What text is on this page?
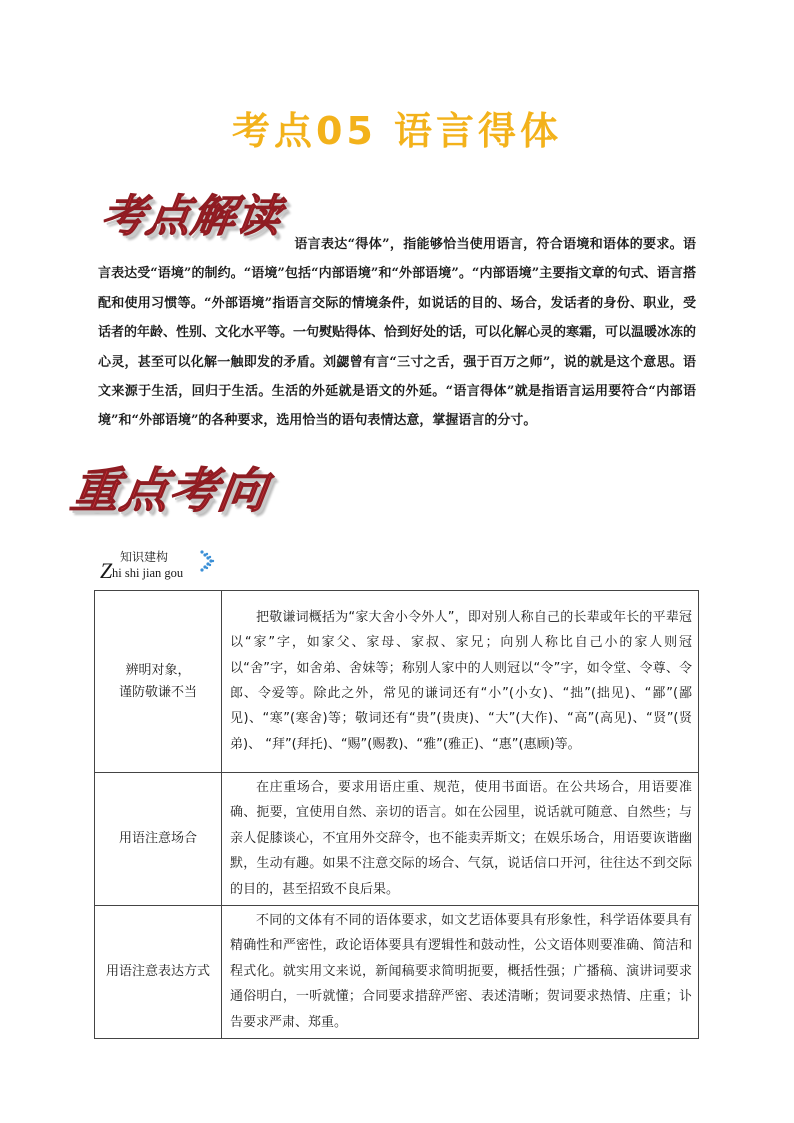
考点05 语言得体
考点解读
语言表达“得体”，指能够恰当使用语言，符合语境和语体的要求。语言表达受“语境”的制约。“语境”包括“内部语境”和“外部语境”。“内部语境”主要指文章的句式、语言搭配和使用习惯等。“外部语境”指语言交际的情境条件，如说话的目的、场合，发话者的身份、职业，受话者的年龄、性别、文化水平等。一句熨贴得体、恰到好处的话，可以化解心灵的寒霜，可以温暖冰冻的心灵，甚至可以化解一触即发的矛盾。刘勰曾有言“三寸之舌，强于百万之师”，说的就是这个意思。语文来源于生活，回归于生活。生活的外延就是语文的外延。“语言得体”就是指语言运用要符合“内部语境”和“外部语境”的各种要求，选用恰当的语句表情达意，掌握语言的分寸。
重点考向
Z
知识建构
hi shi jian gou
辨明对象，
谨防敬谦不当	把敬谦词概括为“家大舍小令外人”，即对别人称自己的长辈或年长的平辈冠以“家”字，如家父、家母、家叔、家兄；向别人称比自己小的家人则冠以“舍”字，如舍弟、舍妹等；称别人家中的人则冠以“令”字，如令堂、令尊、令郎、令爱等。除此之外，常见的谦词还有“小”(小女)、“拙”(拙见)、“鄙”(鄙见)、“寒”(寒舍)等；敬词还有“贵”(贵庚)、“大”(大作)、“高”(高见)、“贤”(贤弟)、 “拜”(拜托)、“赐”(赐教)、“雅”(雅正)、“惠”(惠顾)等。

用语注意场合	在庄重场合，要求用语庄重、规范，使用书面语。在公共场合，用语要准确、扼要，宜使用自然、亲切的语言。如在公园里，说话就可随意、自然些；与亲人促膝谈心，不宜用外交辞令，也不能卖弄斯文；在娱乐场合，用语要诙谐幽默，生动有趣。如果不注意交际的场合、气氛，说话信口开河，往往达不到交际的目的，甚至招致不良后果。

用语注意表达方式	不同的文体有不同的语体要求，如文艺语体要具有形象性，科学语体要具有精确性和严密性，政论语体要具有逻辑性和鼓动性，公文语体则要准确、简洁和程式化。就实用文来说，新闻稿要求简明扼要，概括性强；广播稿、演讲词要求通俗明白，一听就懂；合同要求措辞严密、表述清晰；贺词要求热情、庄重；讣告要求严肃、郑重。
